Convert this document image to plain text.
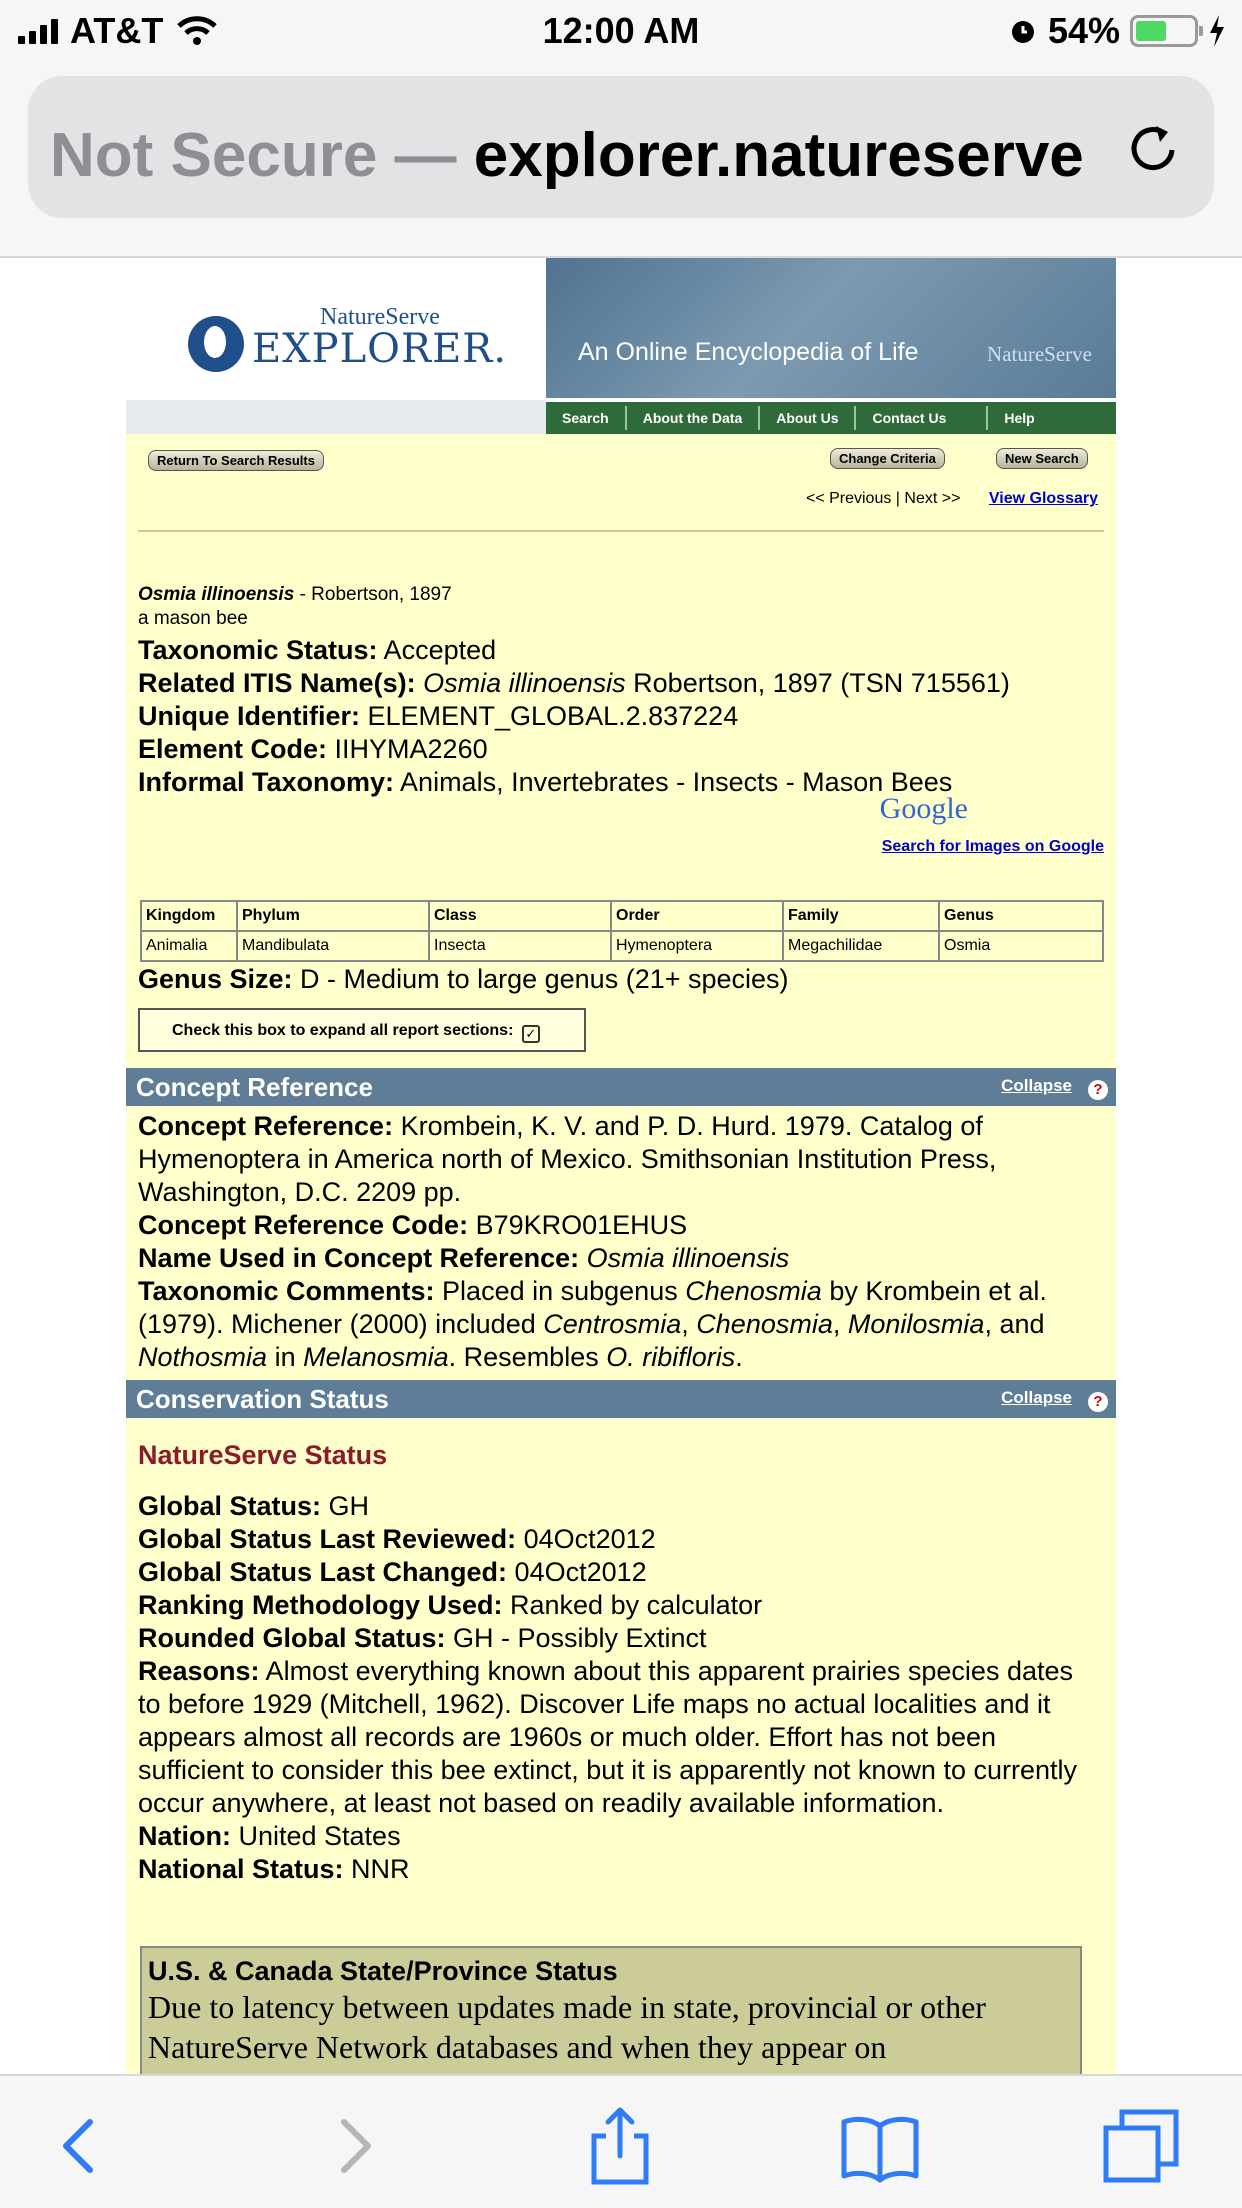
AT&T	12:00 AM	54%
Not Secure — explorer.natureserve
NatureServe
EXPLORER.	An Online Encyclopedia of Life	NatureServe
Search	About the Data	About Us	Contact Us	Help
Return To Search Results	Change Criteria	New Search
<< Previous | Next >> View Glossary
Osmia illinoensis - Robertson, 1897
a mason bee
Taxonomic Status: Accepted
Related ITIS Name(s): Osmia illinoensis Robertson, 1897 (TSN 715561)
Unique Identifier: ELEMENT_GLOBAL.2.837224
Element Code: IIHYMA2260
Informal Taxonomy: Animals, Invertebrates - Insects - Mason Bees
Google
Search for Images on Google
Kingdom	Phylum	Class	Order	Family	Genus
Animalia	Mandibulata	Insecta	Hymenoptera	Megachilidae	Osmia
Genus Size: D - Medium to large genus (21+ species)
Check this box to expand all report sections: ✓
Concept Reference	Collapse	?
Concept Reference: Krombein, K. V. and P. D. Hurd. 1979. Catalog of Hymenoptera in America north of Mexico. Smithsonian Institution Press, Washington, D.C. 2209 pp.
Concept Reference Code: B79KRO01EHUS
Name Used in Concept Reference: Osmia illinoensis
Taxonomic Comments: Placed in subgenus Chenosmia by Krombein et al. (1979). Michener (2000) included Centrosmia, Chenosmia, Monilosmia, and Nothosmia in Melanosmia. Resembles O. ribifloris.
Conservation Status	Collapse	?
NatureServe Status
Global Status: GH
Global Status Last Reviewed: 04Oct2012
Global Status Last Changed: 04Oct2012
Ranking Methodology Used: Ranked by calculator
Rounded Global Status: GH - Possibly Extinct
Reasons: Almost everything known about this apparent prairies species dates to before 1929 (Mitchell, 1962). Discover Life maps no actual localities and it appears almost all records are 1960s or much older. Effort has not been sufficient to consider this bee extinct, but it is apparently not known to currently occur anywhere, at least not based on readily available information.
Nation: United States
National Status: NNR
U.S. & Canada State/Province Status
Due to latency between updates made in state, provincial or other NatureServe Network databases and when they appear on
